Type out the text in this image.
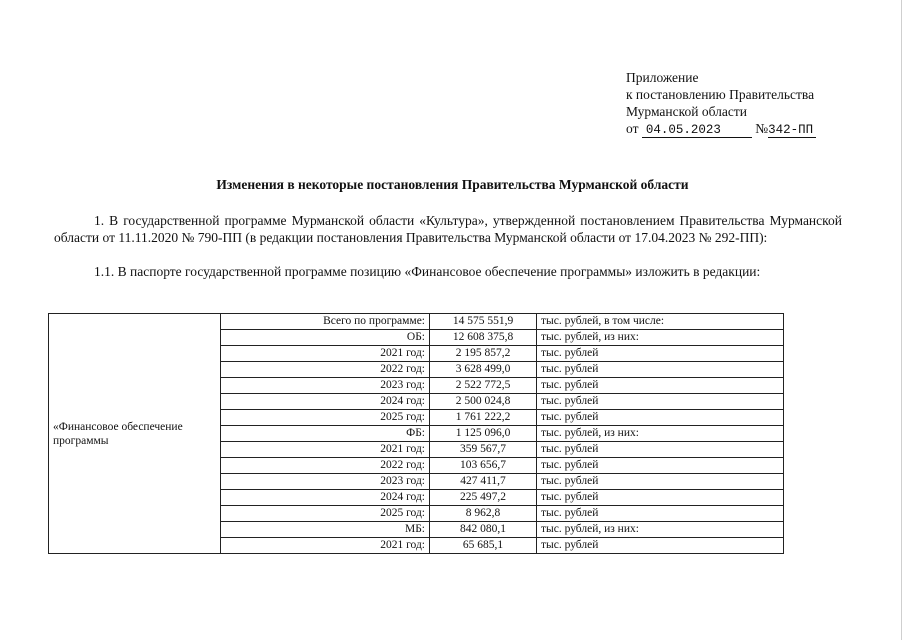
Приложение
к постановлению Правительства
Мурманской области
от 04.05.2023	№342-ПП
Изменения в некоторые постановления Правительства Мурманской области
1. В государственной программе Мурманской области «Культура», утвержденной постановлением Правительства Мурманской области от 11.11.2020 № 790-ПП (в редакции постановления Правительства Мурманской области от 17.04.2023 № 292-ПП):
1.1. В паспорте государственной программе позицию «Финансовое обеспечение программы» изложить в редакции:
«Финансовое обеспечение программы	Всего по программе:	14 575 551,9	тыс. рублей, в том числе:
	ОБ:	12 608 375,8	тыс. рублей, из них:
	2021 год:	2 195 857,2	тыс. рублей
	2022 год:	3 628 499,0	тыс. рублей
	2023 год:	2 522 772,5	тыс. рублей
	2024 год:	2 500 024,8	тыс. рублей
	2025 год:	1 761 222,2	тыс. рублей
	ФБ:	1 125 096,0	тыс. рублей, из них:
	2021 год:	359 567,7	тыс. рублей
	2022 год:	103 656,7	тыс. рублей
	2023 год:	427 411,7	тыс. рублей
	2024 год:	225 497,2	тыс. рублей
	2025 год:	8 962,8	тыс. рублей
	МБ:	842 080,1	тыс. рублей, из них:
	2021 год:	65 685,1	тыс. рублей
